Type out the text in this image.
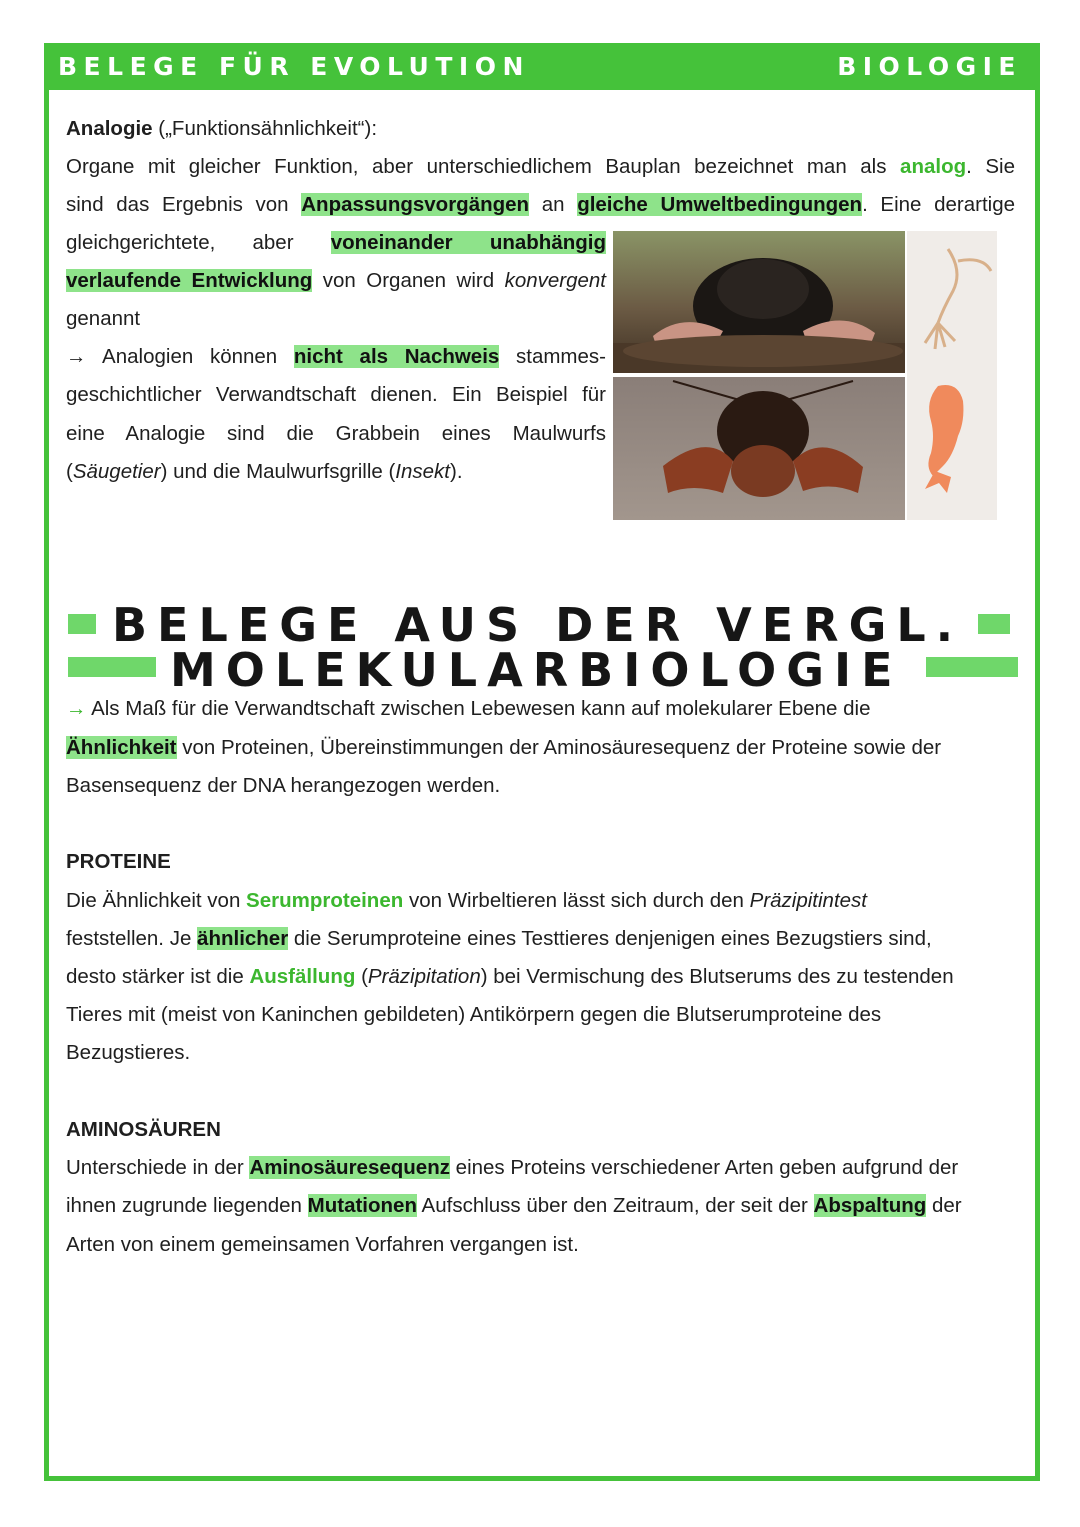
BELEGE FÜR EVOLUTION	BIOLOGIE
Analogie („Funktionsähnlichkeit“):
Organe mit gleicher Funktion, aber unterschiedlichem Bauplan bezeichnet man als analog. Sie
sind das Ergebnis von Anpassungsvorgängen an gleiche Umweltbedingungen. Eine derartige
gleichgerichtete, aber voneinander unabhängig
verlaufende Entwicklung von Organen wird konvergent
genannt
→ Analogien können nicht als Nachweis stammes-
geschichtlicher Verwandtschaft dienen. Ein Beispiel für
eine Analogie sind die Grabbein eines Maulwurfs
(Säugetier) und die Maulwurfsgrille (Insekt).
BELEGE AUS DER VERGL.
MOLEKULARBIOLOGIE
→ Als Maß für die Verwandtschaft zwischen Lebewesen kann auf molekularer Ebene die
Ähnlichkeit von Proteinen, Übereinstimmungen der Aminosäuresequenz der Proteine sowie der
Basensequenz der DNA herangezogen werden.
PROTEINE
Die Ähnlichkeit von Serumproteinen von Wirbeltieren lässt sich durch den Präzipitintest
feststellen. Je ähnlicher die Serumproteine eines Testtieres denjenigen eines Bezugstiers sind,
desto stärker ist die Ausfällung (Präzipitation) bei Vermischung des Blutserums des zu testenden
Tieres mit (meist von Kaninchen gebildeten) Antikörpern gegen die Blutserumproteine des
Bezugstieres.
AMINOSÄUREN
Unterschiede in der Aminosäuresequenz eines Proteins verschiedener Arten geben aufgrund der
ihnen zugrunde liegenden Mutationen Aufschluss über den Zeitraum, der seit der Abspaltung der
Arten von einem gemeinsamen Vorfahren vergangen ist.
